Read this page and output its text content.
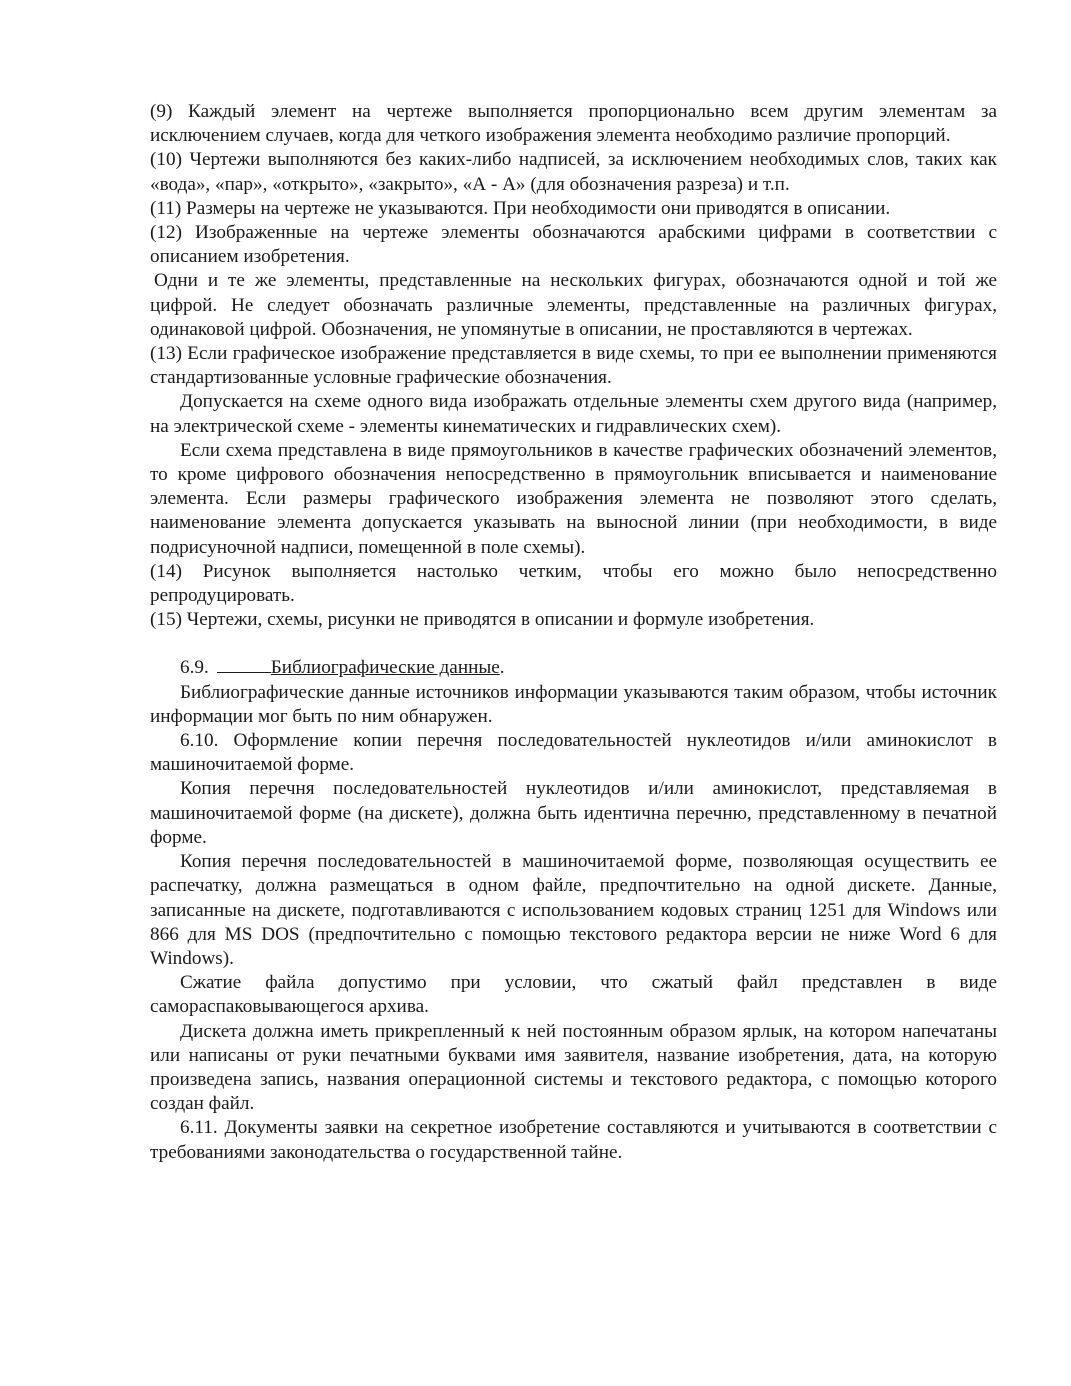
(9) Каждый элемент на чертеже выполняется пропорционально всем другим элементам за исключением случаев, когда для четкого изображения элемента необходимо различие пропорций.

(10) Чертежи выполняются без каких-либо надписей, за исключением необходимых слов, таких как «вода», «пар», «открыто», «закрыто», «А - А» (для обозначения разреза) и т.п.

(11) Размеры на чертеже не указываются. При необходимости они приводятся в описании.

(12) Изображенные на чертеже элементы обозначаются арабскими цифрами в соответствии с описанием изобретения.

Одни и те же элементы, представленные на нескольких фигурах, обозначаются одной и той же цифрой. Не следует обозначать различные элементы, представленные на различных фигурах, одинаковой цифрой. Обозначения, не упомянутые в описании, не проставляются в чертежах.

(13) Если графическое изображение представляется в виде схемы, то при ее выполнении применяются стандартизованные условные графические обозначения.

Допускается на схеме одного вида изображать отдельные элементы схем другого вида (например, на электрической схеме - элементы кинематических и гидравлических схем).

Если схема представлена в виде прямоугольников в качестве графических обозначений элементов, то кроме цифрового обозначения непосредственно в прямоугольник вписывается и наименование элемента. Если размеры графического изображения элемента не позволяют этого сделать, наименование элемента допускается указывать на выносной линии (при необходимости, в виде подрисуночной надписи, помещенной в поле схемы).

(14) Рисунок выполняется настолько четким, чтобы его можно было непосредственно репродуцировать.

(15) Чертежи, схемы, рисунки не приводятся в описании и формуле изобретения.

6.9.	Библиографические данные.

Библиографические данные источников информации указываются таким образом, чтобы источник информации мог быть по ним обнаружен.

6.10. Оформление копии перечня последовательностей нуклеотидов и/или аминокислот в машиночитаемой форме.

Копия перечня последовательностей нуклеотидов и/или аминокислот, представляемая в машиночитаемой форме (на дискете), должна быть идентична перечню, представленному в печатной форме.

Копия перечня последовательностей в машиночитаемой форме, позволяющая осуществить ее распечатку, должна размещаться в одном файле, предпочтительно на одной дискете. Данные, записанные на дискете, подготавливаются с использованием кодовых страниц 1251 для Windows или 866 для MS DOS (предпочтительно с помощью текстового редактора версии не ниже Word 6 для Windows).

Сжатие файла допустимо при условии, что сжатый файл представлен в виде самораспаковывающегося архива.

Дискета должна иметь прикрепленный к ней постоянным образом ярлык, на котором напечатаны или написаны от руки печатными буквами имя заявителя, название изобретения, дата, на которую произведена запись, названия операционной системы и текстового редактора, с помощью которого создан файл.

6.11. Документы заявки на секретное изобретение составляются и учитываются в соответствии с требованиями законодательства о государственной тайне.
